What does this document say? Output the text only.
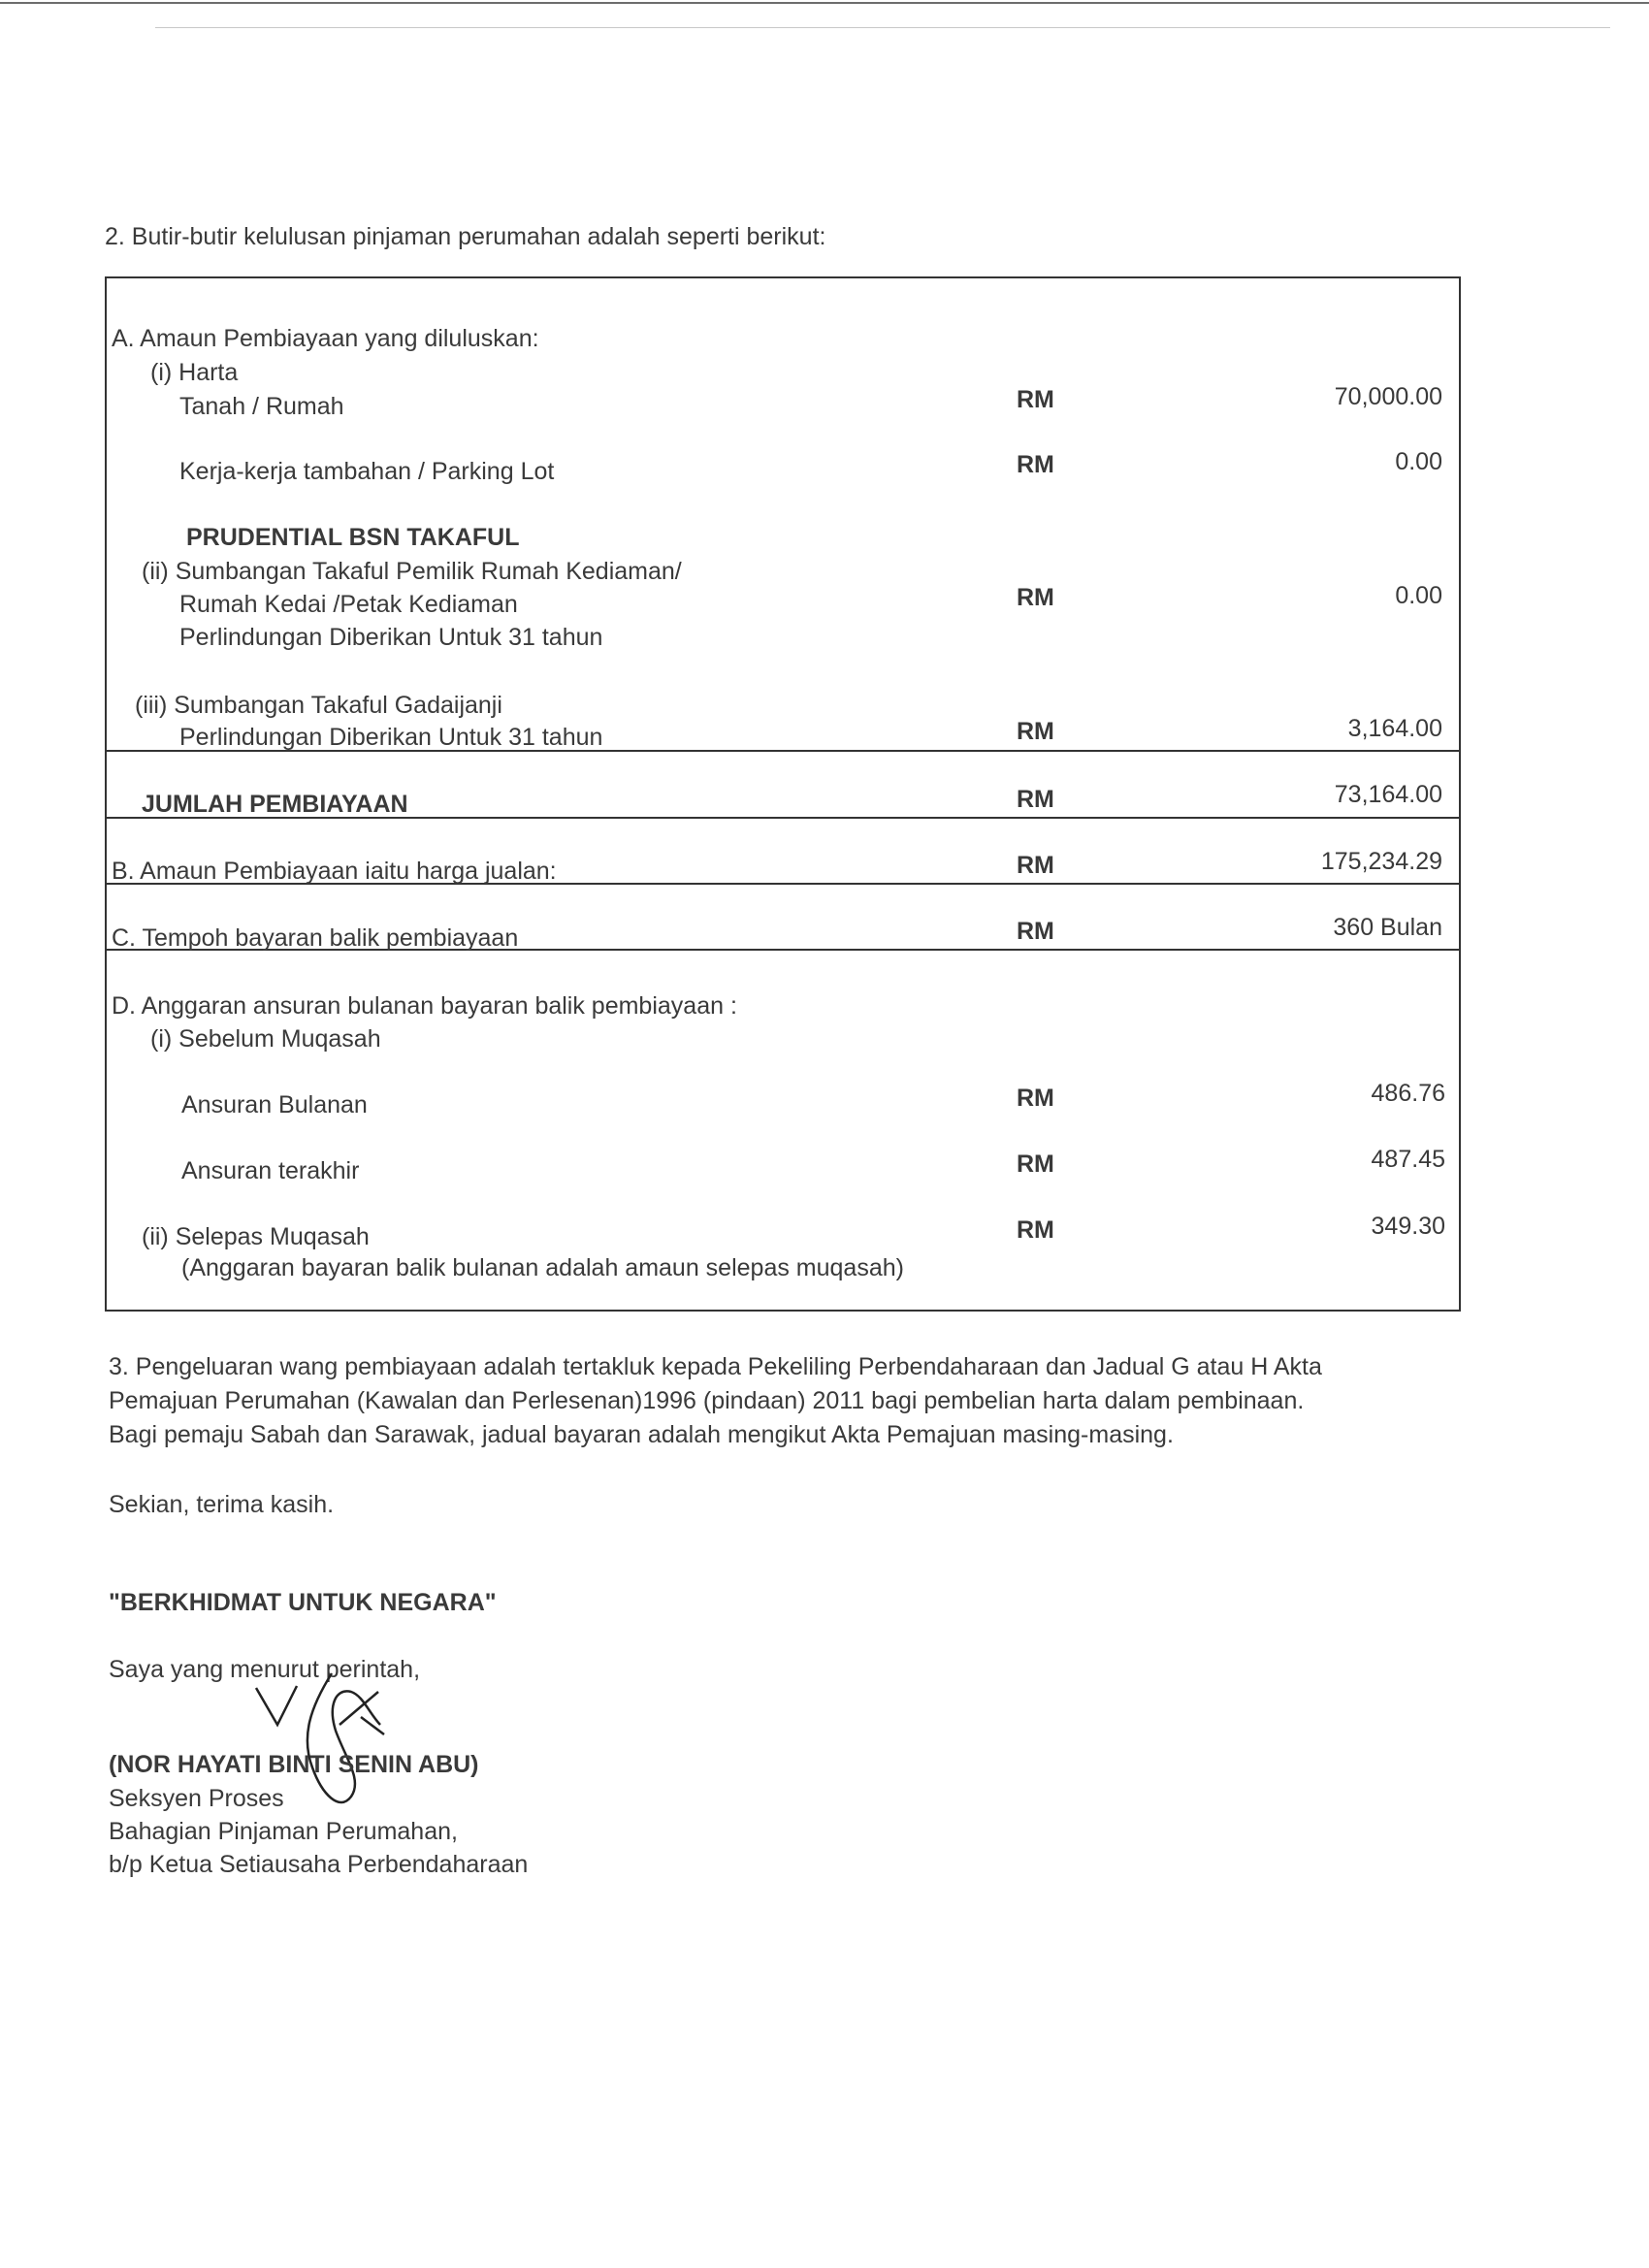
2. Butir-butir kelulusan pinjaman perumahan adalah seperti berikut:
A. Amaun Pembiayaan yang diluluskan:
(i) Harta
Tanah / Rumah	RM	70,000.00
Kerja-kerja tambahan / Parking Lot	RM	0.00
PRUDENTIAL BSN TAKAFUL
(ii) Sumbangan Takaful Pemilik Rumah Kediaman/
Rumah Kedai /Petak Kediaman	RM	0.00
Perlindungan Diberikan Untuk 31 tahun
(iii) Sumbangan Takaful Gadaijanji
Perlindungan Diberikan Untuk 31 tahun	RM	3,164.00
JUMLAH PEMBIAYAAN	RM	73,164.00
B. Amaun Pembiayaan iaitu harga jualan:	RM	175,234.29
C. Tempoh bayaran balik pembiayaan	RM	360 Bulan
D. Anggaran ansuran bulanan bayaran balik pembiayaan :
(i) Sebelum Muqasah
Ansuran Bulanan	RM	486.76
Ansuran terakhir	RM	487.45
(ii) Selepas Muqasah	RM	349.30
(Anggaran bayaran balik bulanan adalah amaun selepas muqasah)
3. Pengeluaran wang pembiayaan adalah tertakluk kepada Pekeliling Perbendaharaan dan Jadual G atau H Akta
Pemajuan Perumahan (Kawalan dan Perlesenan)1996 (pindaan) 2011 bagi pembelian harta dalam pembinaan.
Bagi pemaju Sabah dan Sarawak, jadual bayaran adalah mengikut Akta Pemajuan masing-masing.
Sekian, terima kasih.
"BERKHIDMAT UNTUK NEGARA"
Saya yang menurut perintah,
(NOR HAYATI BINTI SENIN ABU)
Seksyen Proses
Bahagian Pinjaman Perumahan,
b/p Ketua Setiausaha Perbendaharaan
